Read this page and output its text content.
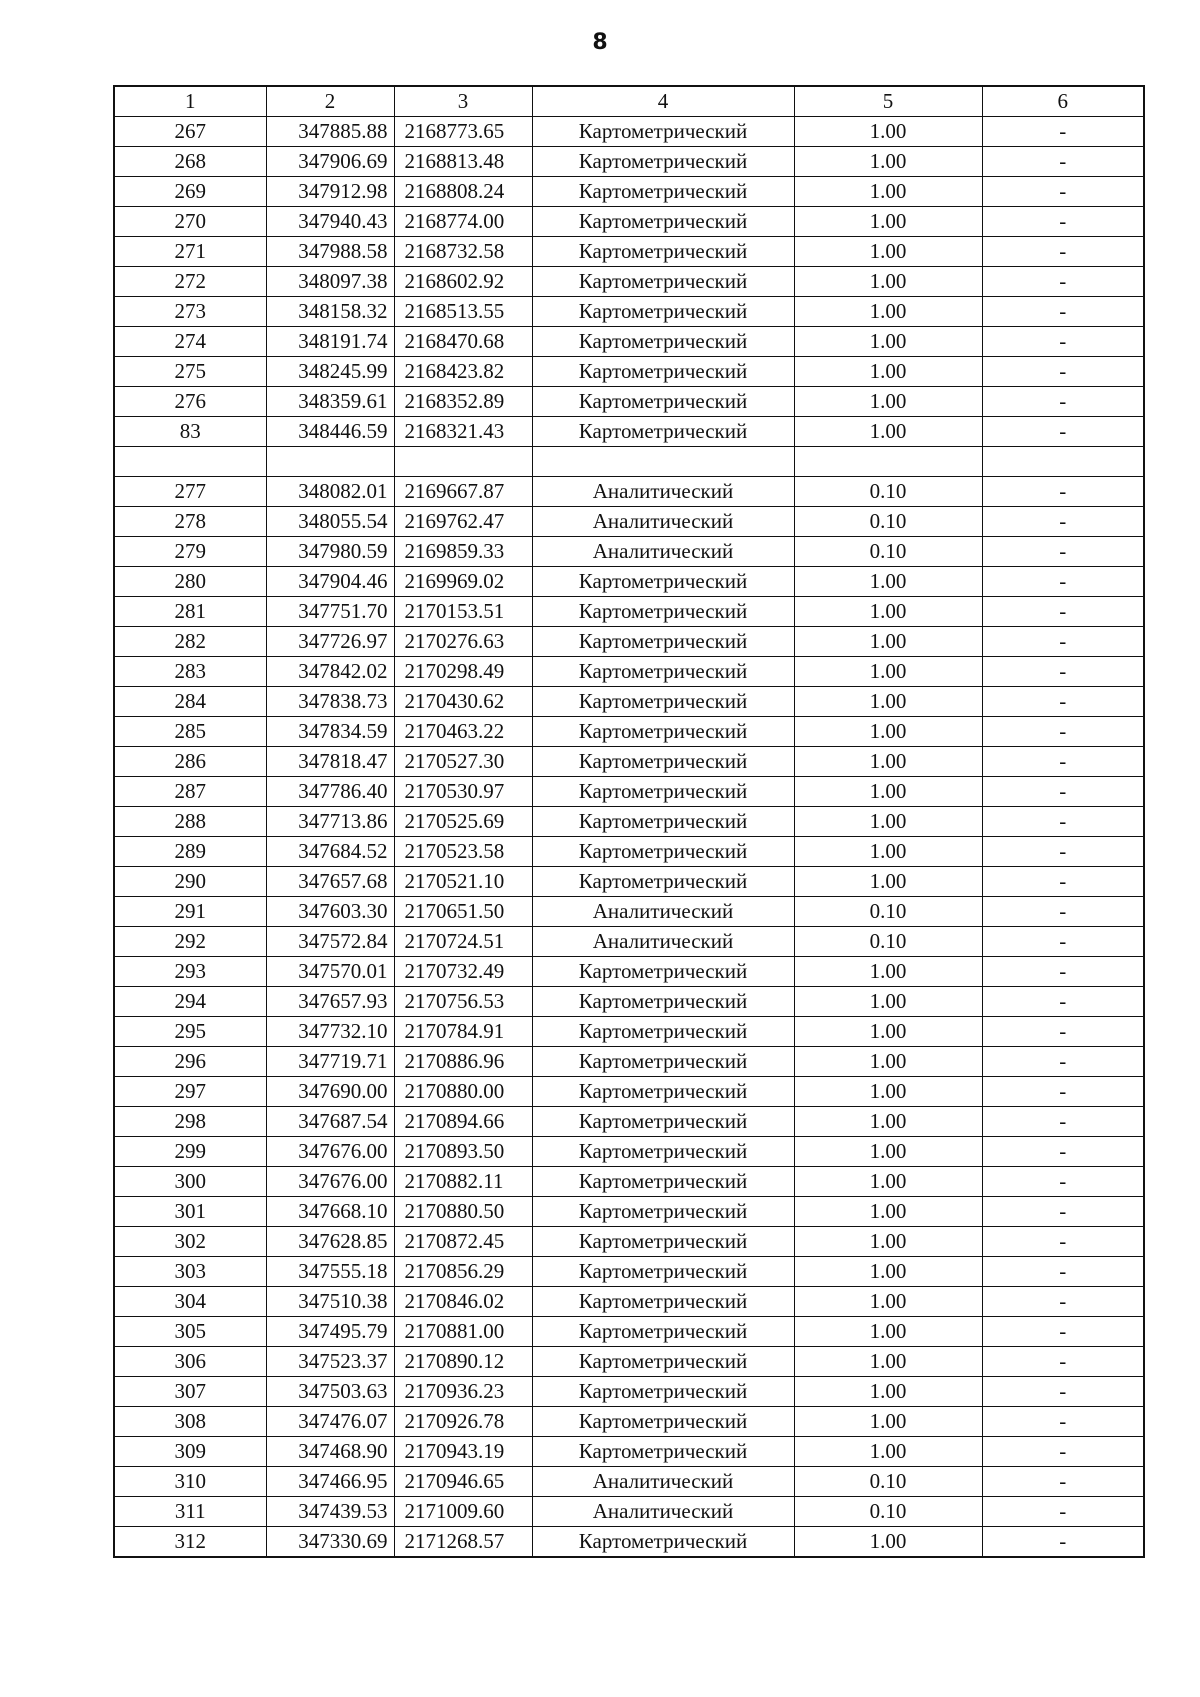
8
1	2	3	4	5	6
267	347885.88	2168773.65	Картометрический	1.00	-
268	347906.69	2168813.48	Картометрический	1.00	-
269	347912.98	2168808.24	Картометрический	1.00	-
270	347940.43	2168774.00	Картометрический	1.00	-
271	347988.58	2168732.58	Картометрический	1.00	-
272	348097.38	2168602.92	Картометрический	1.00	-
273	348158.32	2168513.55	Картометрический	1.00	-
274	348191.74	2168470.68	Картометрический	1.00	-
275	348245.99	2168423.82	Картометрический	1.00	-
276	348359.61	2168352.89	Картометрический	1.00	-
83	348446.59	2168321.43	Картометрический	1.00	-

277	348082.01	2169667.87	Аналитический	0.10	-
278	348055.54	2169762.47	Аналитический	0.10	-
279	347980.59	2169859.33	Аналитический	0.10	-
280	347904.46	2169969.02	Картометрический	1.00	-
281	347751.70	2170153.51	Картометрический	1.00	-
282	347726.97	2170276.63	Картометрический	1.00	-
283	347842.02	2170298.49	Картометрический	1.00	-
284	347838.73	2170430.62	Картометрический	1.00	-
285	347834.59	2170463.22	Картометрический	1.00	-
286	347818.47	2170527.30	Картометрический	1.00	-
287	347786.40	2170530.97	Картометрический	1.00	-
288	347713.86	2170525.69	Картометрический	1.00	-
289	347684.52	2170523.58	Картометрический	1.00	-
290	347657.68	2170521.10	Картометрический	1.00	-
291	347603.30	2170651.50	Аналитический	0.10	-
292	347572.84	2170724.51	Аналитический	0.10	-
293	347570.01	2170732.49	Картометрический	1.00	-
294	347657.93	2170756.53	Картометрический	1.00	-
295	347732.10	2170784.91	Картометрический	1.00	-
296	347719.71	2170886.96	Картометрический	1.00	-
297	347690.00	2170880.00	Картометрический	1.00	-
298	347687.54	2170894.66	Картометрический	1.00	-
299	347676.00	2170893.50	Картометрический	1.00	-
300	347676.00	2170882.11	Картометрический	1.00	-
301	347668.10	2170880.50	Картометрический	1.00	-
302	347628.85	2170872.45	Картометрический	1.00	-
303	347555.18	2170856.29	Картометрический	1.00	-
304	347510.38	2170846.02	Картометрический	1.00	-
305	347495.79	2170881.00	Картометрический	1.00	-
306	347523.37	2170890.12	Картометрический	1.00	-
307	347503.63	2170936.23	Картометрический	1.00	-
308	347476.07	2170926.78	Картометрический	1.00	-
309	347468.90	2170943.19	Картометрический	1.00	-
310	347466.95	2170946.65	Аналитический	0.10	-
311	347439.53	2171009.60	Аналитический	0.10	-
312	347330.69	2171268.57	Картометрический	1.00	-
